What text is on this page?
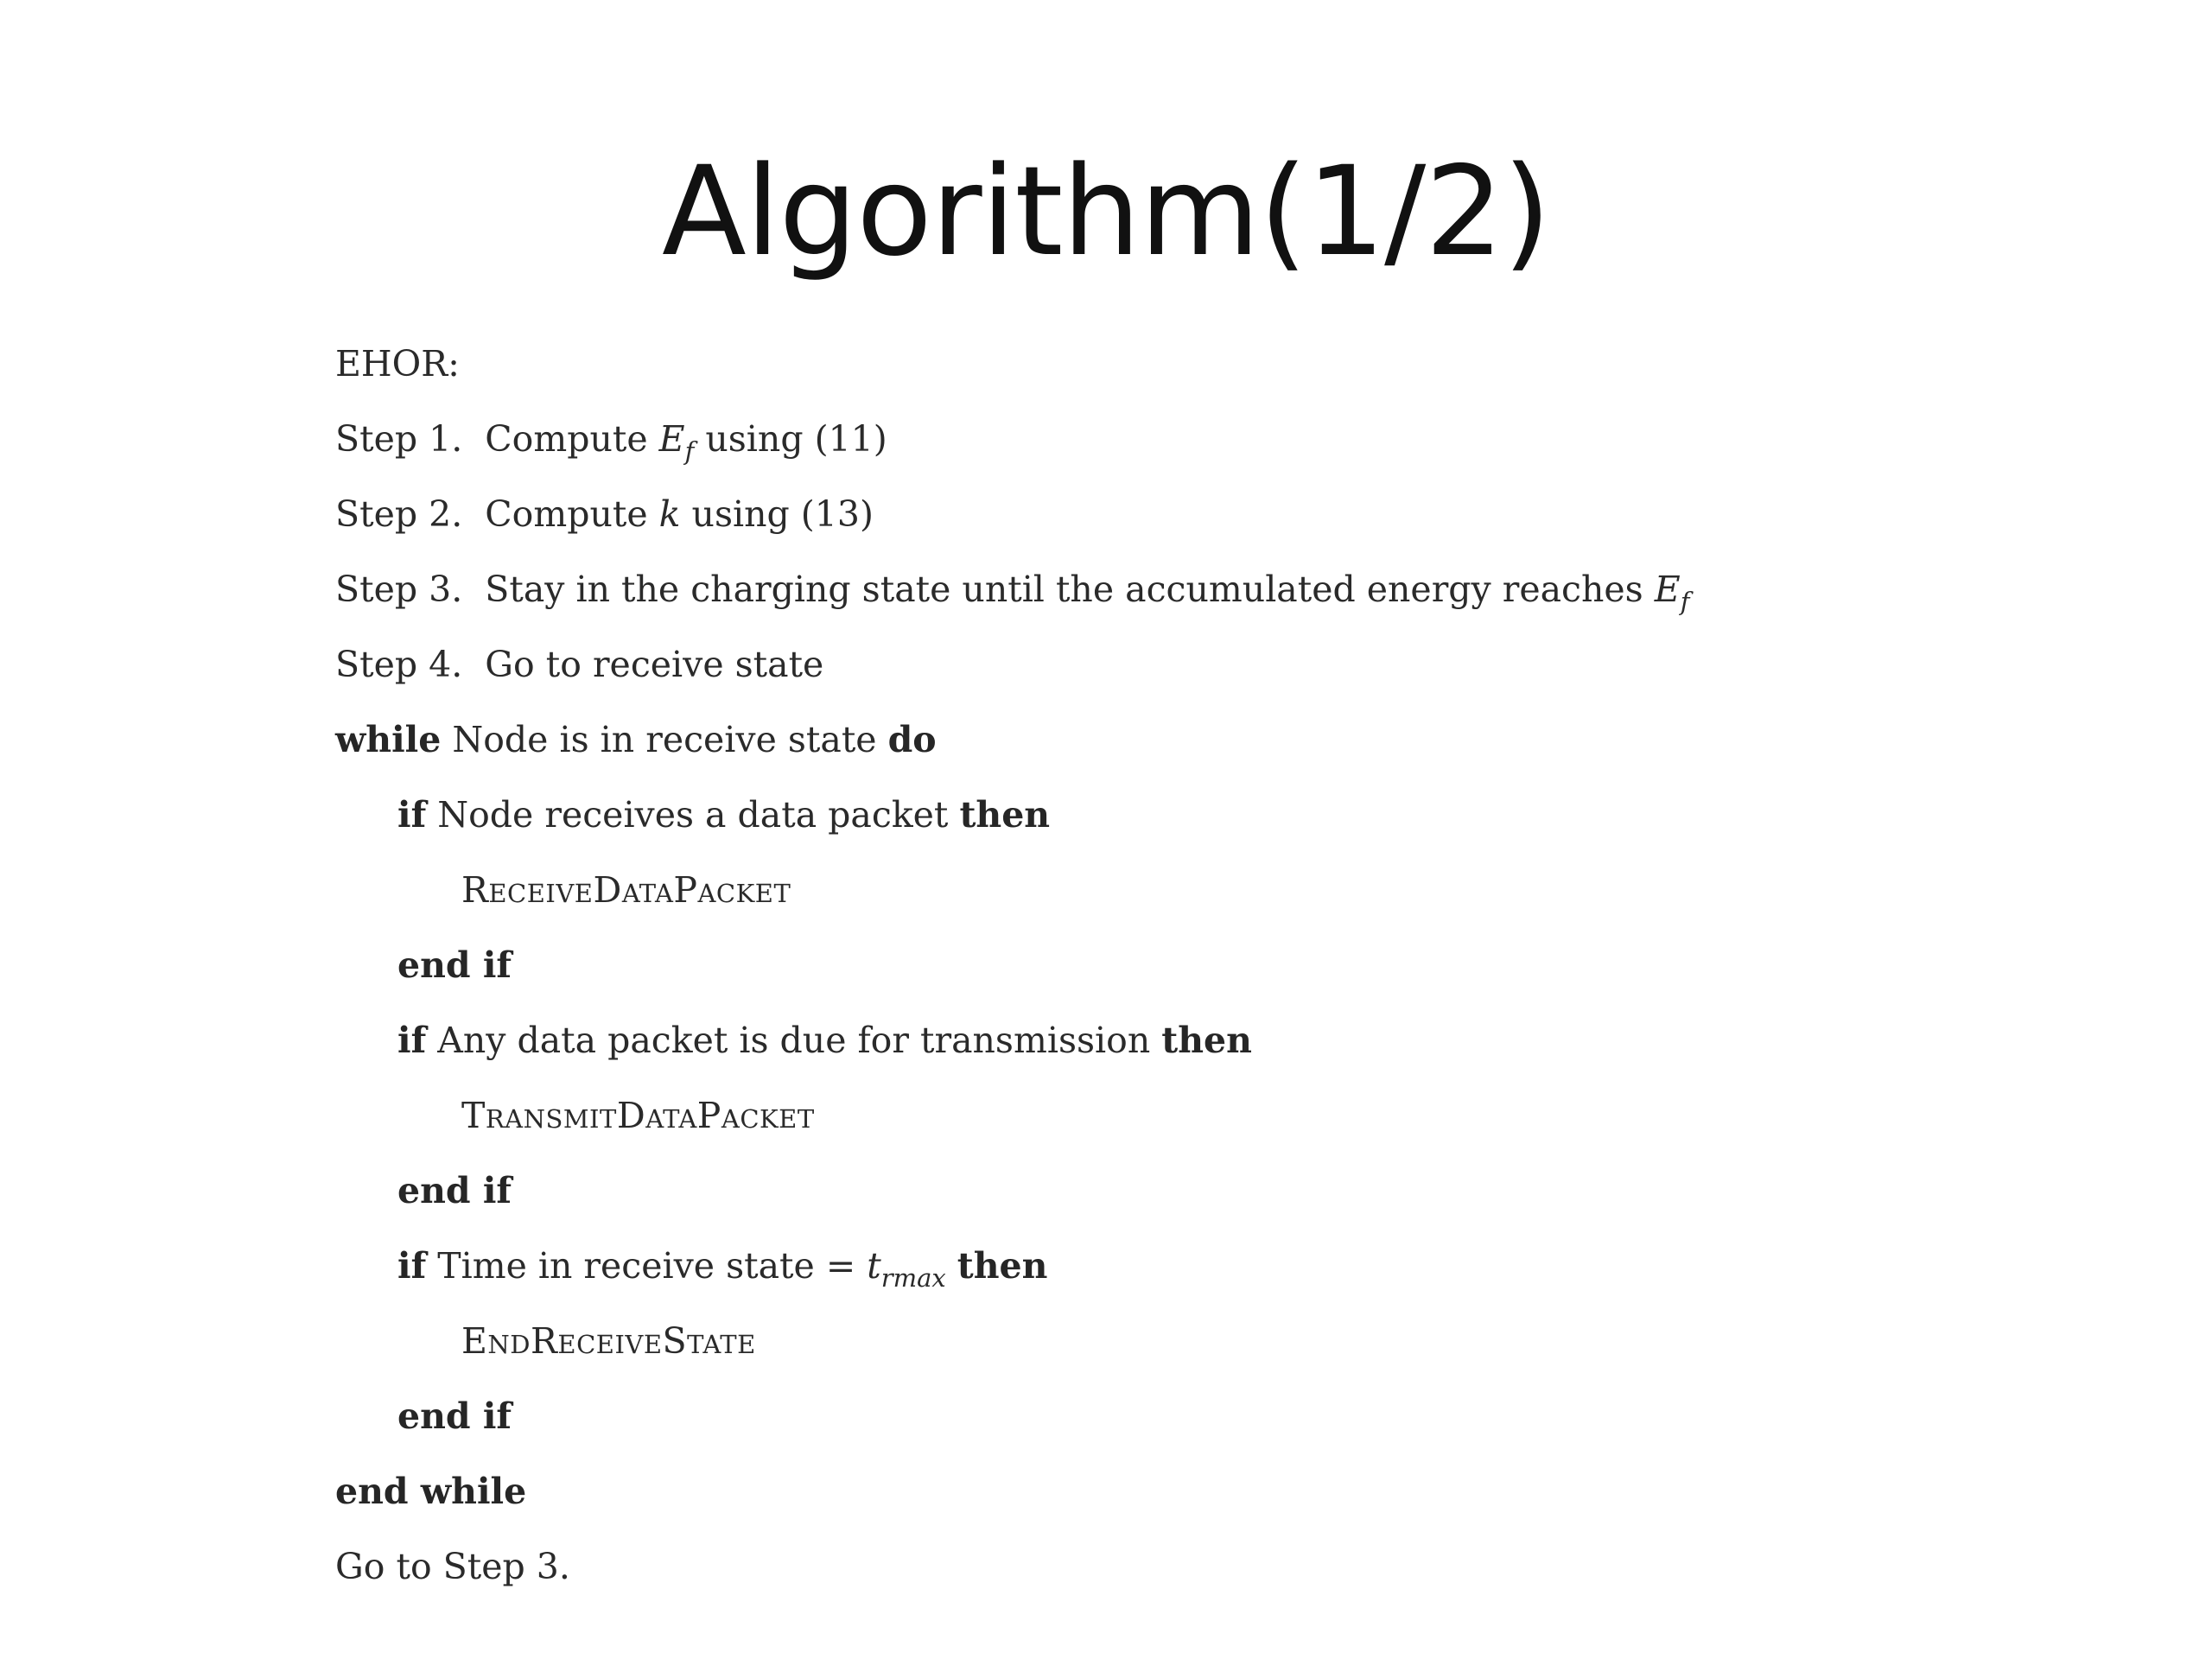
Algorithm(1/2)
EHOR:
Step 1.  Compute $E_f$ using (11)
Step 2.  Compute k using (13)
Step 3.  Stay in the charging state until the accumulated energy reaches $E_f$
Step 4.  Go to receive state
while Node is in receive state do
if Node receives a data packet then
ReceiveDataPacket
end if
if Any data packet is due for transmission then
TransmitDataPacket
end if
if Time in receive state = $t_{rmax}$ then
EndReceiveState
end if
end while
Go to Step 3.
